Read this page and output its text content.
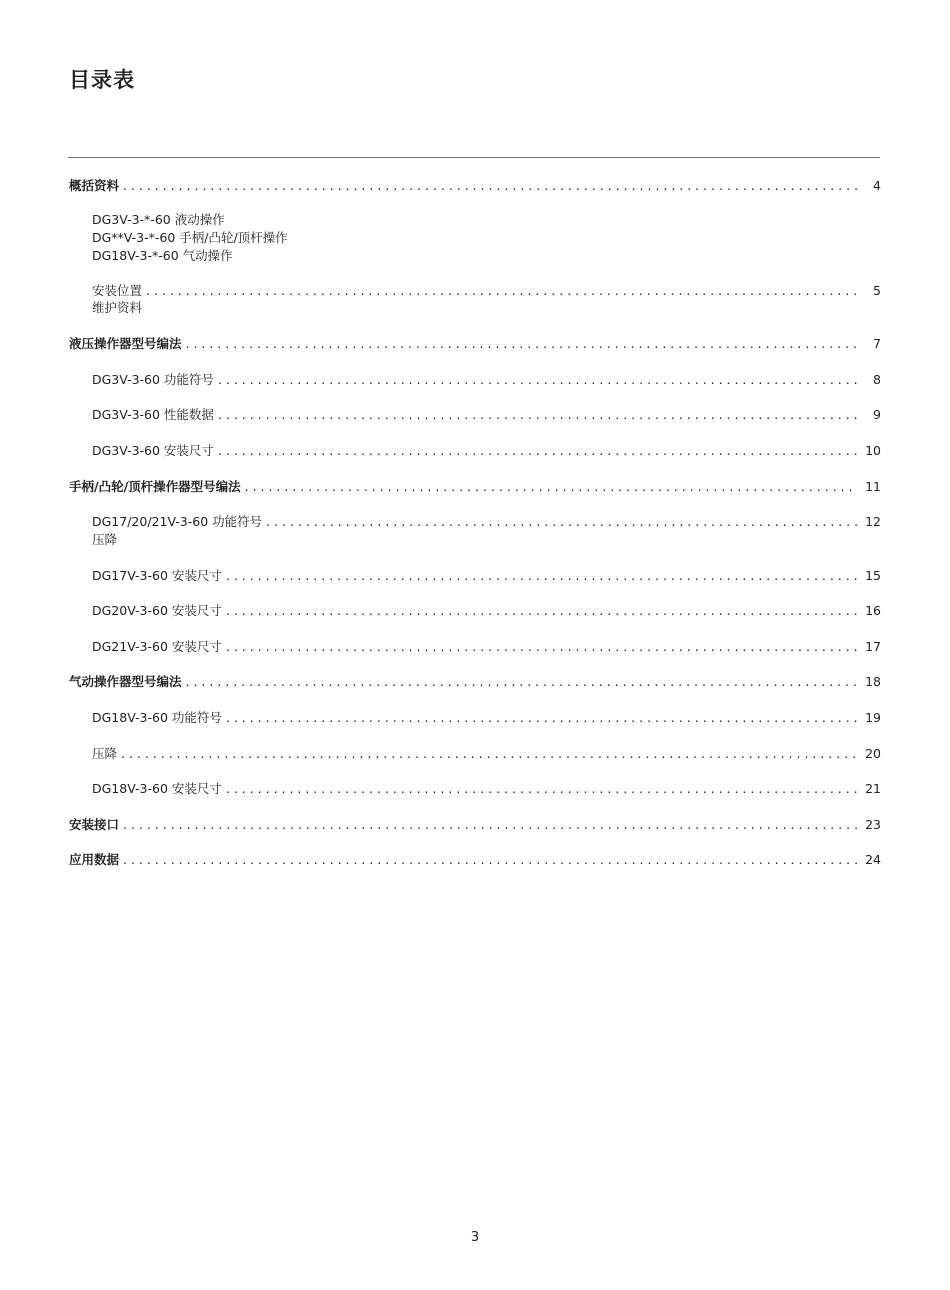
目录表
概括资料 . . .	4
DG3V-3-*-60 液动操作
DG**V-3-*-60 手柄/凸轮/顶杆操作
DG18V-3-*-60 气动操作
安装位置 . . .	5
维护资料
液压操作器型号编法 . . .	7
DG3V-3-60 功能符号 . . .	8
DG3V-3-60 性能数据 . . .	9
DG3V-3-60 安装尺寸 . . .	10
手柄/凸轮/顶杆操作器型号编法 . . .	11
DG17/20/21V-3-60 功能符号 . . .	12
压降
DG17V-3-60 安装尺寸 . . .	15
DG20V-3-60 安装尺寸 . . .	16
DG21V-3-60 安装尺寸 . . .	17
气动操作器型号编法 . . .	18
DG18V-3-60 功能符号 . . .	19
压降 . . .	20
DG18V-3-60 安装尺寸 . . .	21
安装接口 . . .	23
应用数据 . . .	24
3
